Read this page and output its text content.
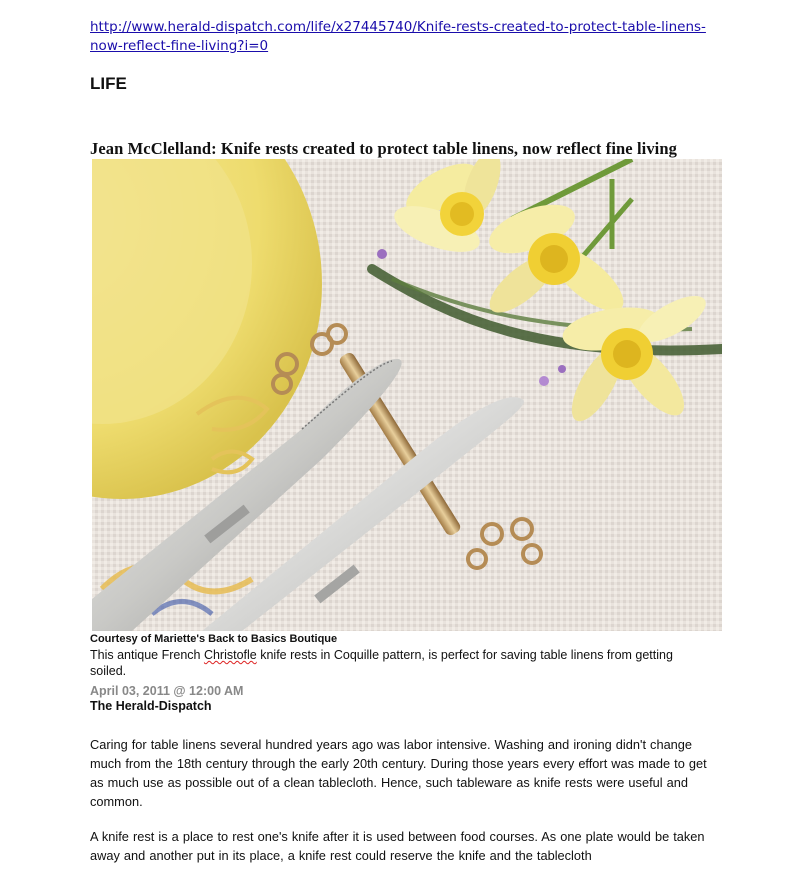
http://www.herald-dispatch.com/life/x27445740/Knife-rests-created-to-protect-table-linens-now-reflect-fine-living?i=0
LIFE
Jean McClelland: Knife rests created to protect table linens, now reflect fine living
Courtesy of Mariette's Back to Basics Boutique
This antique French Christofle knife rests in Coquille pattern, is perfect for saving table linens from getting soiled.
April 03, 2011 @ 12:00 AM
The Herald-Dispatch
Caring for table linens several hundred years ago was labor intensive. Washing and ironing didn't change much from the 18th century through the early 20th century. During those years every effort was made to get as much use as possible out of a clean tablecloth. Hence, such tableware as knife rests were useful and common.
A knife rest is a place to rest one's knife after it is used between food courses. As one plate would be taken away and another put in its place, a knife rest could reserve the knife and the tablecloth
